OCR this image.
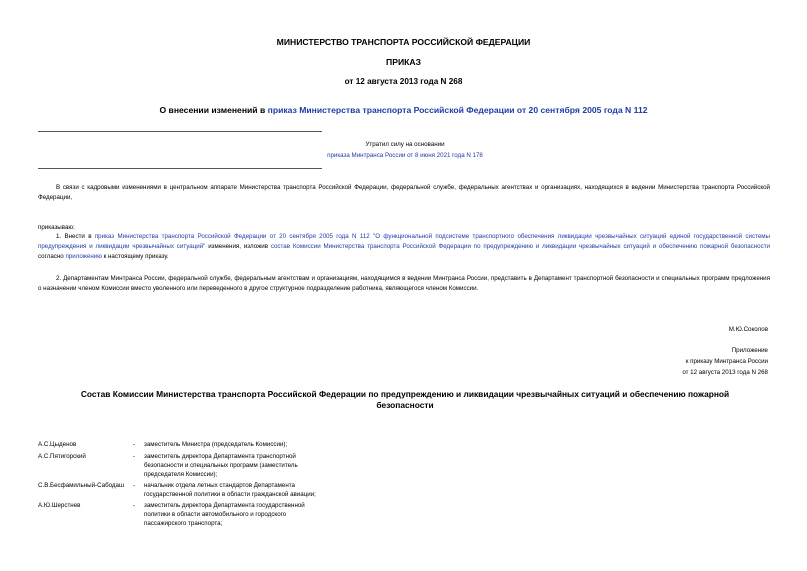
МИНИСТЕРСТВО ТРАНСПОРТА РОССИЙСКОЙ ФЕДЕРАЦИИ
ПРИКАЗ
от 12 августа 2013 года N 268
О внесении изменений в приказ Министерства транспорта Российской Федерации от 20 сентября 2005 года N 112
Утратил силу на основании
приказа Минтранса России от 8 июня 2021 года N 178

В связи с кадровыми изменениями в центральном аппарате Министерства транспорта Российской Федерации, федеральной службе, федеральных агентствах и организациях, находящихся в ведении Министерства транспорта Российской Федерации,

приказываю:

1. Внести в приказ Министерства транспорта Российской Федерации от 20 сентября 2005 года N 112 "О функциональной подсистеме транспортного обеспечения ликвидации чрезвычайных ситуаций единой государственной системы предупреждения и ликвидации чрезвычайных ситуаций" изменения, изложив состав Комиссии Министерства транспорта Российской Федерации по предупреждению и ликвидации чрезвычайных ситуаций и обеспечению пожарной безопасности согласно приложению к настоящему приказу.

2. Департаментам Минтранса России, федеральной службе, федеральным агентствам и организациям, находящимся в ведении Минтранса России, представить в Департамент транспортной безопасности и специальных программ предложения о назначении членом Комиссии вместо уволенного или переведенного в другое структурное подразделение работника, являющегося членом Комиссии.

М.Ю.Соколов
Приложение
к приказу Минтранса России
от 12 августа 2013 года N 268
Состав Комиссии Министерства транспорта Российской Федерации по предупреждению и ликвидации чрезвычайных ситуаций и обеспечению пожарной безопасности
А.С.Цыденов	- заместитель Министра (председатель Комиссии);
А.С.Пятигорский	- заместитель директора Департамента транспортной безопасности и специальных программ (заместитель председателя Комиссии);
С.В.Бесфамильный-Сабодаш - начальник отдела летных стандартов Департамента государственной политики в области гражданской авиации;
А.Ю.Шерстнев	- заместитель директора Департамента государственной политики в области автомобильного и городского пассажирского транспорта;
